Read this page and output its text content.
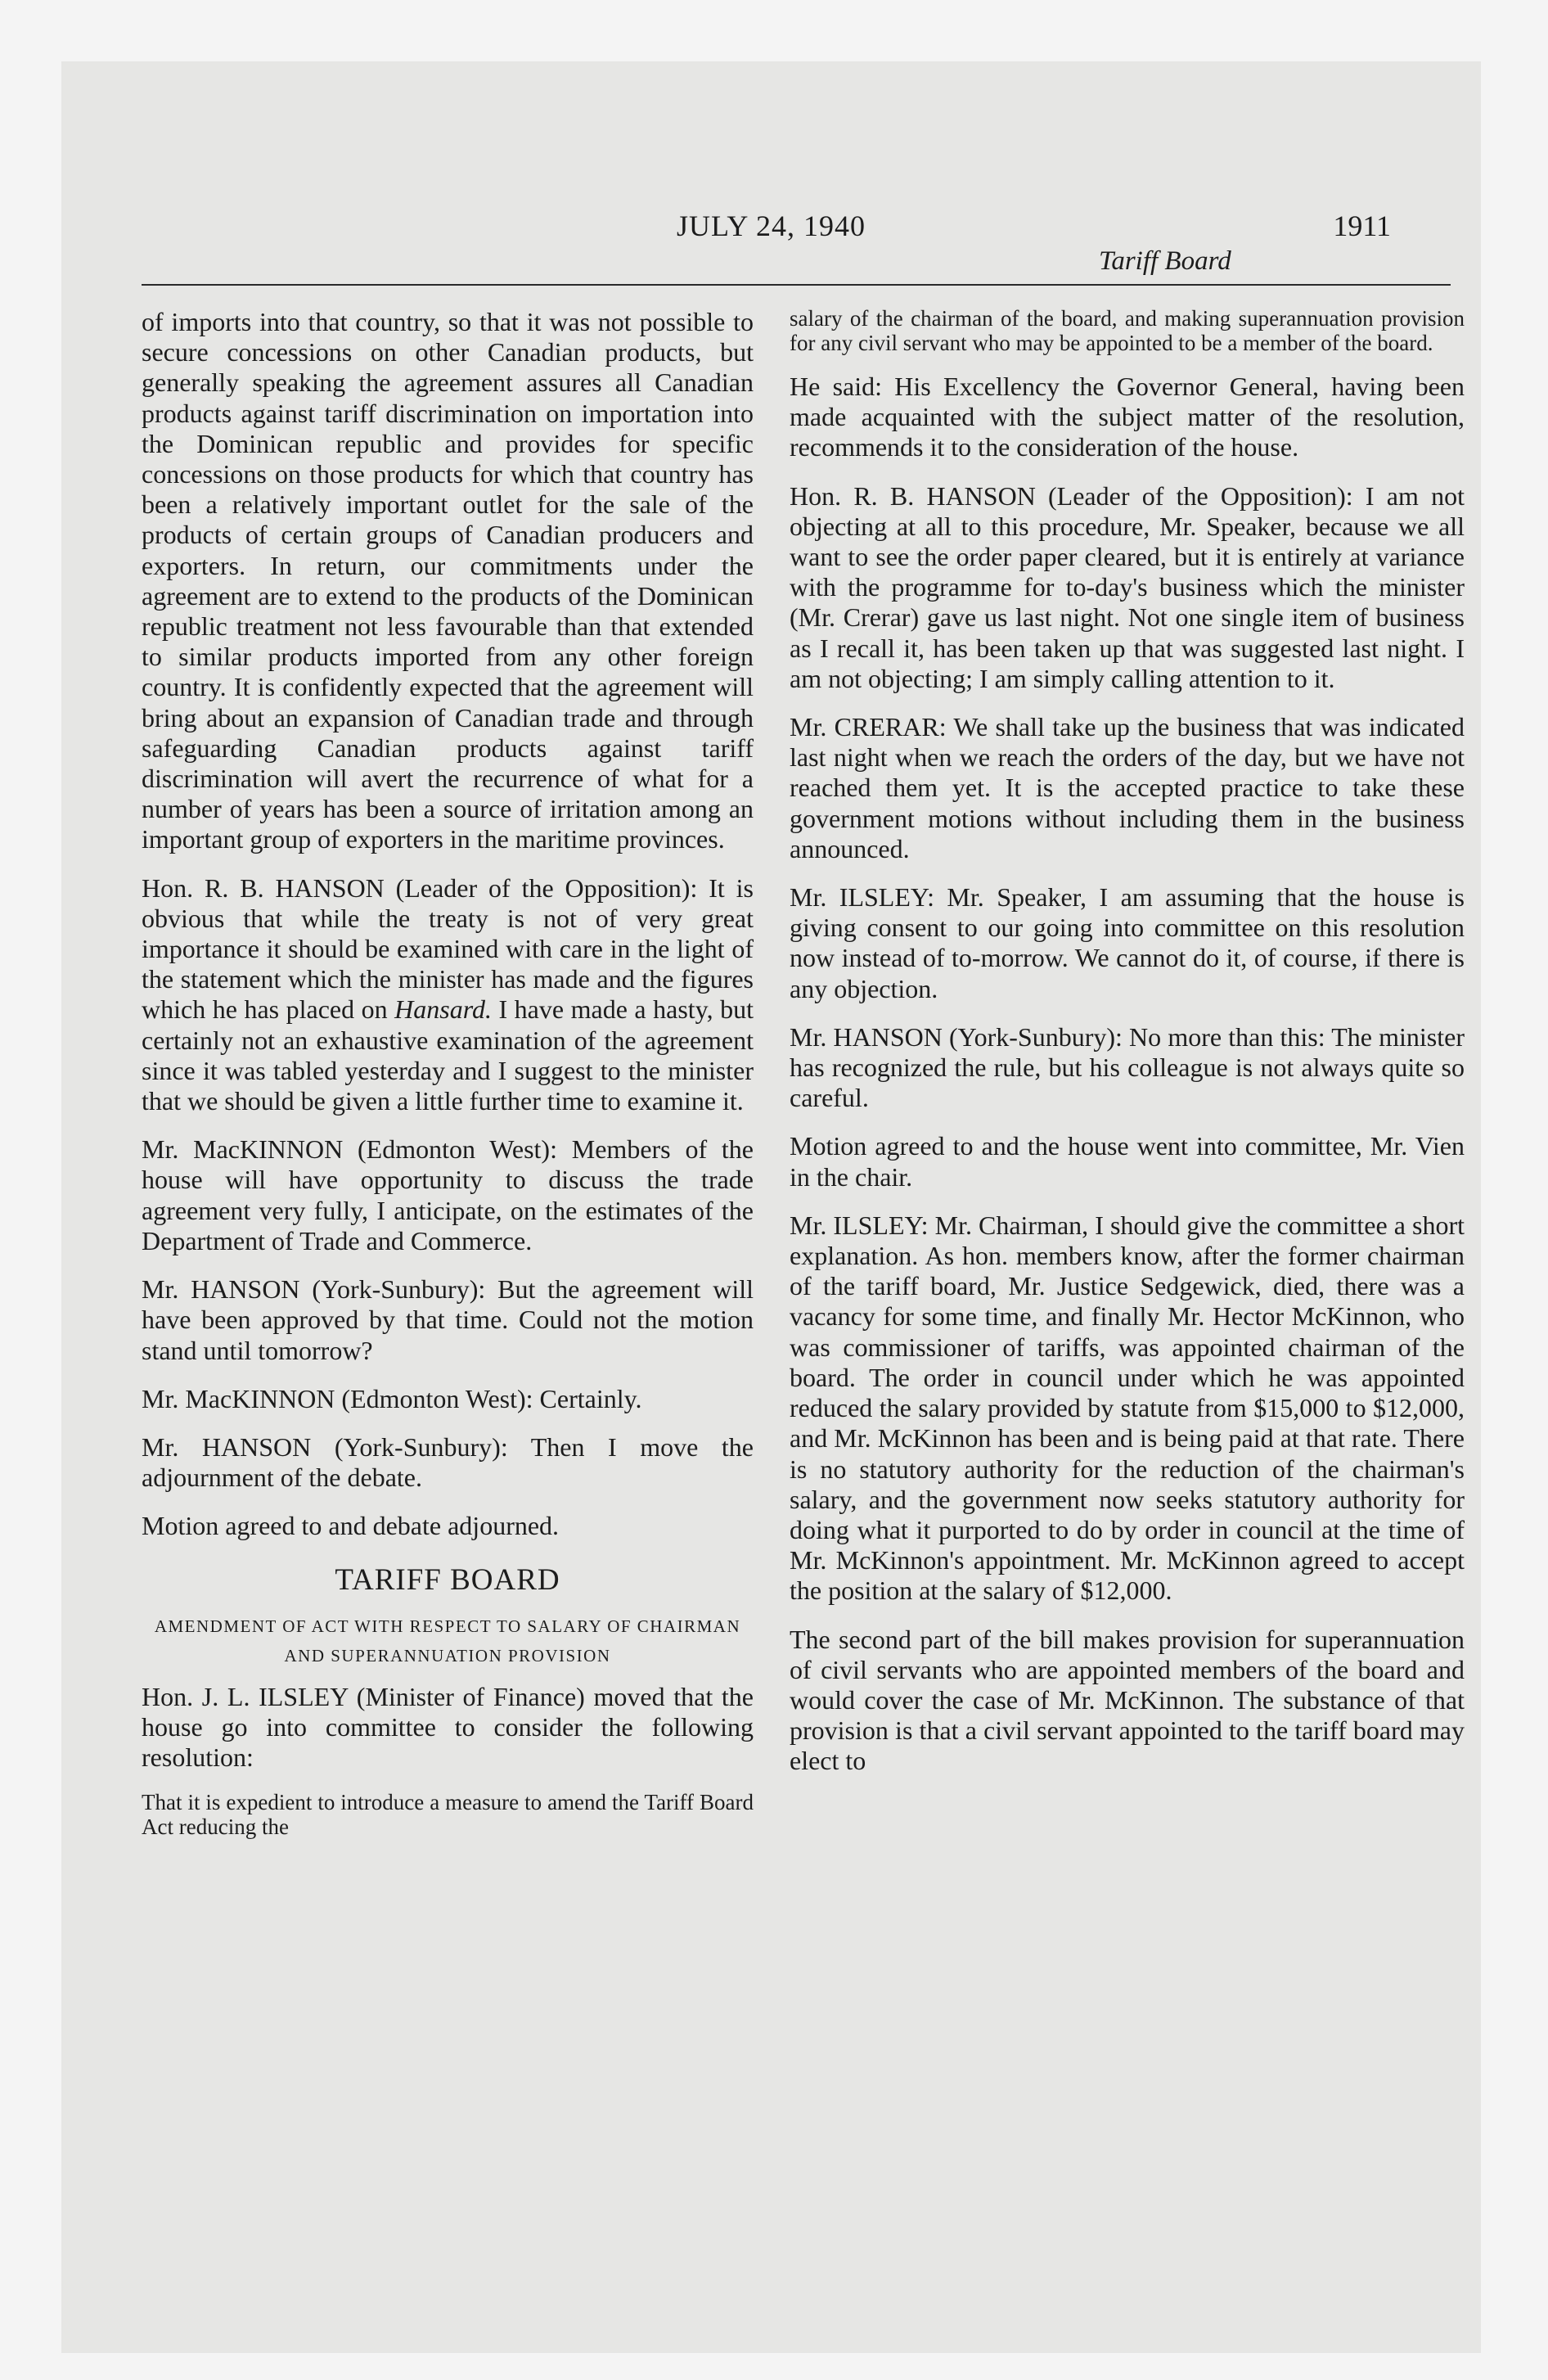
JULY 24, 1940	1911
Tariff Board

of imports into that country, so that it was not possible to secure concessions on other Canadian products, but generally speaking the agreement assures all Canadian products against tariff discrimination on importation into the Dominican republic and provides for specific concessions on those products for which that country has been a relatively important outlet for the sale of the products of certain groups of Canadian producers and exporters. In return, our commitments under the agreement are to extend to the products of the Dominican republic treatment not less favourable than that extended to similar products imported from any other foreign country. It is confidently expected that the agreement will bring about an expansion of Canadian trade and through safeguarding Canadian products against tariff discrimination will avert the recurrence of what for a number of years has been a source of irritation among an important group of exporters in the maritime provinces.

Hon. R. B. HANSON (Leader of the Opposition): It is obvious that while the treaty is not of very great importance it should be examined with care in the light of the statement which the minister has made and the figures which he has placed on Hansard. I have made a hasty, but certainly not an exhaustive examination of the agreement since it was tabled yesterday and I suggest to the minister that we should be given a little further time to examine it.

Mr. MacKINNON (Edmonton West): Members of the house will have opportunity to discuss the trade agreement very fully, I anticipate, on the estimates of the Department of Trade and Commerce.

Mr. HANSON (York-Sunbury): But the agreement will have been approved by that time. Could not the motion stand until tomorrow?

Mr. MacKINNON (Edmonton West): Certainly.

Mr. HANSON (York-Sunbury): Then I move the adjournment of the debate.

Motion agreed to and debate adjourned.

TARIFF BOARD
AMENDMENT OF ACT WITH RESPECT TO SALARY OF CHAIRMAN AND SUPERANNUATION PROVISION

Hon. J. L. ILSLEY (Minister of Finance) moved that the house go into committee to consider the following resolution:

That it is expedient to introduce a measure to amend the Tariff Board Act reducing the

salary of the chairman of the board, and making superannuation provision for any civil servant who may be appointed to be a member of the board.

He said: His Excellency the Governor General, having been made acquainted with the subject matter of the resolution, recommends it to the consideration of the house.

Hon. R. B. HANSON (Leader of the Opposition): I am not objecting at all to this procedure, Mr. Speaker, because we all want to see the order paper cleared, but it is entirely at variance with the programme for to-day's business which the minister (Mr. Crerar) gave us last night. Not one single item of business as I recall it, has been taken up that was suggested last night. I am not objecting; I am simply calling attention to it.

Mr. CRERAR: We shall take up the business that was indicated last night when we reach the orders of the day, but we have not reached them yet. It is the accepted practice to take these government motions without including them in the business announced.

Mr. ILSLEY: Mr. Speaker, I am assuming that the house is giving consent to our going into committee on this resolution now instead of to-morrow. We cannot do it, of course, if there is any objection.

Mr. HANSON (York-Sunbury): No more than this: The minister has recognized the rule, but his colleague is not always quite so careful.

Motion agreed to and the house went into committee, Mr. Vien in the chair.

Mr. ILSLEY: Mr. Chairman, I should give the committee a short explanation. As hon. members know, after the former chairman of the tariff board, Mr. Justice Sedgewick, died, there was a vacancy for some time, and finally Mr. Hector McKinnon, who was commissioner of tariffs, was appointed chairman of the board. The order in council under which he was appointed reduced the salary provided by statute from $15,000 to $12,000, and Mr. McKinnon has been and is being paid at that rate. There is no statutory authority for the reduction of the chairman's salary, and the government now seeks statutory authority for doing what it purported to do by order in council at the time of Mr. McKinnon's appointment. Mr. McKinnon agreed to accept the position at the salary of $12,000.

The second part of the bill makes provision for superannuation of civil servants who are appointed members of the board and would cover the case of Mr. McKinnon. The substance of that provision is that a civil servant appointed to the tariff board may elect to
